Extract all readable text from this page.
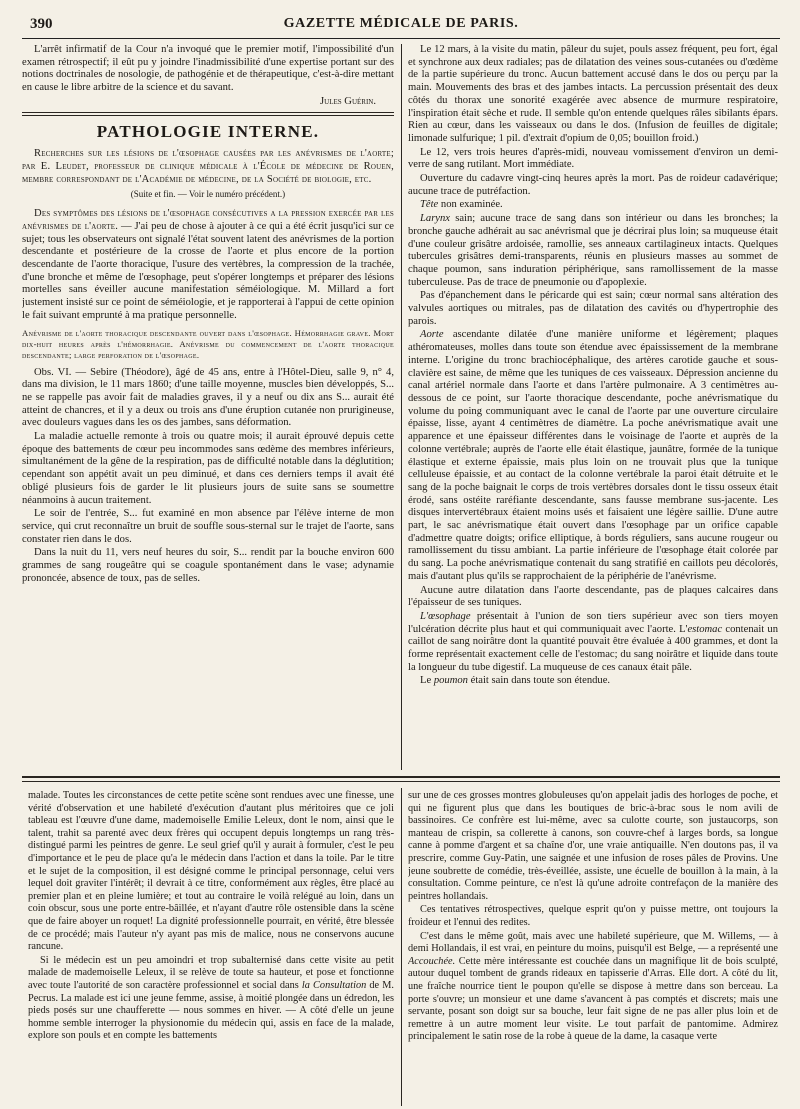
390	GAZETTE MÉDICALE DE PARIS.

L'arrêt infirmatif de la Cour n'a invoqué que le premier motif, l'impossibilité d'un examen rétrospectif; il eût pu y joindre l'inadmissibilité d'une expertise portant sur des notions doctrinales de nosologie, de pathogénie et de thérapeutique, c'est-à-dire mettant en cause le libre arbitre de la science et du savant.

Jules Guérin.

PATHOLOGIE INTERNE.

Recherches sur les lésions de l'œsophage causées par les anévrismes de l'aorte; par E. Leudet, professeur de clinique médicale à l'École de médecine de Rouen, membre correspondant de l'Académie de médecine, de la Société de biologie, etc.

(Suite et fin. — Voir le numéro précédent.)

Des symptômes des lésions de l'œsophage consécutives a la pression exercée par les anévrismes de l'aorte. — J'ai peu de chose à ajouter à ce qui a été écrit jusqu'ici sur ce sujet; tous les observateurs ont signalé l'état souvent latent des anévrismes de la portion descendante et postérieure de la crosse de l'aorte et plus encore de la portion descendante de l'aorte thoracique, l'usure des vertèbres, la compression de la trachée, d'une bronche et même de l'œsophage, peut s'opérer longtemps et préparer des lésions mortelles sans éveiller aucune manifestation séméiologique. M. Millard a fort justement insisté sur ce point de séméiologie, et je rapporterai à l'appui de cette opinion le fait suivant emprunté à ma pratique personnelle.

Anévrisme de l'aorte thoracique descendante ouvert dans l'œsophage. Hémorrhagie grave. Mort dix-huit heures après l'hémorrhagie. Anévrisme du commencement de l'aorte thoracique descendante; large perforation de l'œsophage.

Obs. VI. — Sebire (Théodore), âgé de 45 ans, entre à l'Hôtel-Dieu, salle 9, n° 4, dans ma division, le 11 mars 1860; d'une taille moyenne, muscles bien développés, S... ne se rappelle pas avoir fait de maladies graves, il y a neuf ou dix ans S... aurait été atteint de chancres, et il y a deux ou trois ans d'une éruption cutanée non prurigineuse, avec douleurs vagues dans les os des jambes, sans déformation.

La maladie actuelle remonte à trois ou quatre mois; il aurait éprouvé depuis cette époque des battements de cœur peu incommodes sans œdème des membres inférieurs, simultanément de la gêne de la respiration, pas de difficulté notable dans la déglutition; cependant son appétit avait un peu diminué, et dans ces derniers temps il avait été obligé plusieurs fois de garder le lit plusieurs jours de suite sans se soumettre néanmoins à aucun traitement.

Le soir de l'entrée, S... fut examiné en mon absence par l'élève interne de mon service, qui crut reconnaître un bruit de souffle sous-sternal sur le trajet de l'aorte, sans constater rien dans le dos.

Dans la nuit du 11, vers neuf heures du soir, S... rendit par la bouche environ 600 grammes de sang rougeâtre qui se coagule spontanément dans le vase; adynamie prononcée, absence de toux, pas de selles.

Le 12 mars, à la visite du matin, pâleur du sujet, pouls assez fréquent, peu fort, égal et synchrone aux deux radiales; pas de dilatation des veines sous-cutanées ou d'œdème de la partie supérieure du tronc. Aucun battement accusé dans le dos ou perçu par la main. Mouvements des bras et des jambes intacts. La percussion présentait des deux côtés du thorax une sonorité exagérée avec absence de murmure respiratoire, l'inspiration était sèche et rude. Il semble qu'on entende quelques râles sibilants épars. Rien au cœur, dans les vaisseaux ou dans le dos. (Infusion de feuilles de digitale; limonade sulfurique; 1 pil. d'extrait d'opium de 0,05; bouillon froid.)

Le 12, vers trois heures d'après-midi, nouveau vomissement d'environ un demi-verre de sang rutilant. Mort immédiate.

Ouverture du cadavre vingt-cinq heures après la mort. Pas de roideur cadavérique; aucune trace de putréfaction.

Tête non examinée.

Larynx sain; aucune trace de sang dans son intérieur ou dans les bronches; la bronche gauche adhérait au sac anévrismal que je décrirai plus loin; sa muqueuse était d'une couleur grisâtre ardoisée, ramollie, ses anneaux cartilagineux intacts. Quelques tubercules grisâtres demi-transparents, réunis en plusieurs masses au sommet de chaque poumon, sans induration périphérique, sans ramollissement de la masse tuberculeuse. Pas de trace de pneumonie ou d'apoplexie.

Pas d'épanchement dans le péricarde qui est sain; cœur normal sans altération des valvules aortiques ou mitrales, pas de dilatation des cavités ou d'hypertrophie des parois.

Aorte ascendante dilatée d'une manière uniforme et légèrement; plaques athéromateuses, molles dans toute son étendue avec épaississement de la membrane interne. L'origine du tronc brachiocéphalique, des artères carotide gauche et sous-clavière est saine, de même que les tuniques de ces vaisseaux. Dépression ancienne du canal artériel normale dans l'aorte et dans l'artère pulmonaire. A 3 centimètres au-dessous de ce point, sur l'aorte thoracique descendante, poche anévrismatique du volume du poing communiquant avec le canal de l'aorte par une ouverture circulaire épaisse, lisse, ayant 4 centimètres de diamètre. La poche anévrismatique avait une apparence et une épaisseur différentes dans le voisinage de l'aorte et auprès de la colonne vertébrale; auprès de l'aorte elle était élastique, jaunâtre, formée de la tunique élastique et externe épaissie, mais plus loin on ne trouvait plus que la tunique celluleuse épaissie, et au contact de la colonne vertébrale la paroi était détruite et le sang de la poche baignait le corps de trois vertèbres dorsales dont le tissu osseux était érodé, sans ostéite raréfiante descendante, sans fausse membrane sus-jacente. Les disques intervertébraux étaient moins usés et faisaient une légère saillie. D'une autre part, le sac anévrismatique était ouvert dans l'œsophage par un orifice capable d'admettre quatre doigts; orifice elliptique, à bords réguliers, sans aucune rougeur ou ramollissement du tissu ambiant. La partie inférieure de l'œsophage était colorée par du sang. La poche anévrismatique contenait du sang stratifié en caillots peu décolorés, mais d'autant plus qu'ils se rapprochaient de la périphérie de l'anévrisme.

Aucune autre dilatation dans l'aorte descendante, pas de plaques calcaires dans l'épaisseur de ses tuniques.

L'œsophage présentait à l'union de son tiers supérieur avec son tiers moyen l'ulcération décrite plus haut et qui communiquait avec l'aorte. L'estomac contenait un caillot de sang noirâtre dont la quantité pouvait être évaluée à 400 grammes, et dont la forme représentait exactement celle de l'estomac; du sang noirâtre et liquide dans toute la longueur du tube digestif. La muqueuse de ces canaux était pâle.

Le poumon était sain dans toute son étendue.

malade. Toutes les circonstances de cette petite scène sont rendues avec une finesse, une vérité d'observation et une habileté d'exécution d'autant plus méritoires que ce joli tableau est l'œuvre d'une dame, mademoiselle Emilie Leleux, dont le nom, ainsi que le talent, trahit sa parenté avec deux frères qui occupent depuis longtemps un rang très-distingué parmi les peintres de genre. Le seul grief qu'il y aurait à formuler, c'est le peu d'importance et le peu de place qu'a le médecin dans l'action et dans la toile. Par le titre et le sujet de la composition, il est désigné comme le principal personnage, celui vers lequel doit graviter l'intérêt; il devrait à ce titre, conformément aux règles, être placé au premier plan et en pleine lumière; et tout au contraire le voilà relégué au loin, dans un coin obscur, sous une porte entre-bâillée, et n'ayant d'autre rôle ostensible dans la scène que de faire aboyer un roquet! La dignité professionnelle pourrait, en vérité, être blessée de ce procédé; mais l'auteur n'y ayant pas mis de malice, nous ne conservons aucune rancune.

Si le médecin est un peu amoindri et trop subalternisé dans cette visite au petit malade de mademoiselle Leleux, il se relève de toute sa hauteur, et pose et fonctionne avec toute l'autorité de son caractère professionnel et social dans la Consultation de M. Pecrus. La malade est ici une jeune femme, assise, à moitié plongée dans un édredon, les pieds posés sur une chaufferette — nous sommes en hiver. — A côté d'elle un jeune homme semble interroger la physionomie du médecin qui, assis en face de la malade, explore son pouls et en compte les battements

sur une de ces grosses montres globuleuses qu'on appelait jadis des horloges de poche, et qui ne figurent plus que dans les boutiques de bric-à-brac sous le nom avili de bassinoires. Ce confrère est lui-même, avec sa culotte courte, son justaucorps, son manteau de crispin, sa collerette à canons, son couvre-chef à larges bords, sa longue canne à pomme d'argent et sa chaîne d'or, une vraie antiquaille. N'en doutons pas, il va prescrire, comme Guy-Patin, une saignée et une infusion de roses pâles de Provins. Une jeune soubrette de comédie, très-éveillée, assiste, une écuelle de bouillon à la main, à la consultation. Comme peinture, ce n'est là qu'une adroite contrefaçon de la manière des peintres hollandais.

Ces tentatives rétrospectives, quelque esprit qu'on y puisse mettre, ont toujours la froideur et l'ennui des redites.

C'est dans le même goût, mais avec une habileté supérieure, que M. Willems, — à demi Hollandais, il est vrai, en peinture du moins, puisqu'il est Belge, — a représenté une Accouchée. Cette mère intéressante est couchée dans un magnifique lit de bois sculpté, autour duquel tombent de grands rideaux en tapisserie d'Arras. Elle dort. A côté du lit, une fraîche nourrice tient le poupon qu'elle se dispose à mettre dans son berceau. La porte s'ouvre; un monsieur et une dame s'avancent à pas comptés et discrets; mais une servante, posant son doigt sur sa bouche, leur fait signe de ne pas aller plus loin et de remettre à un autre moment leur visite. Le tout parfait de pantomime. Admirez principalement le satin rose de la robe à queue de la dame, la casaque verte
